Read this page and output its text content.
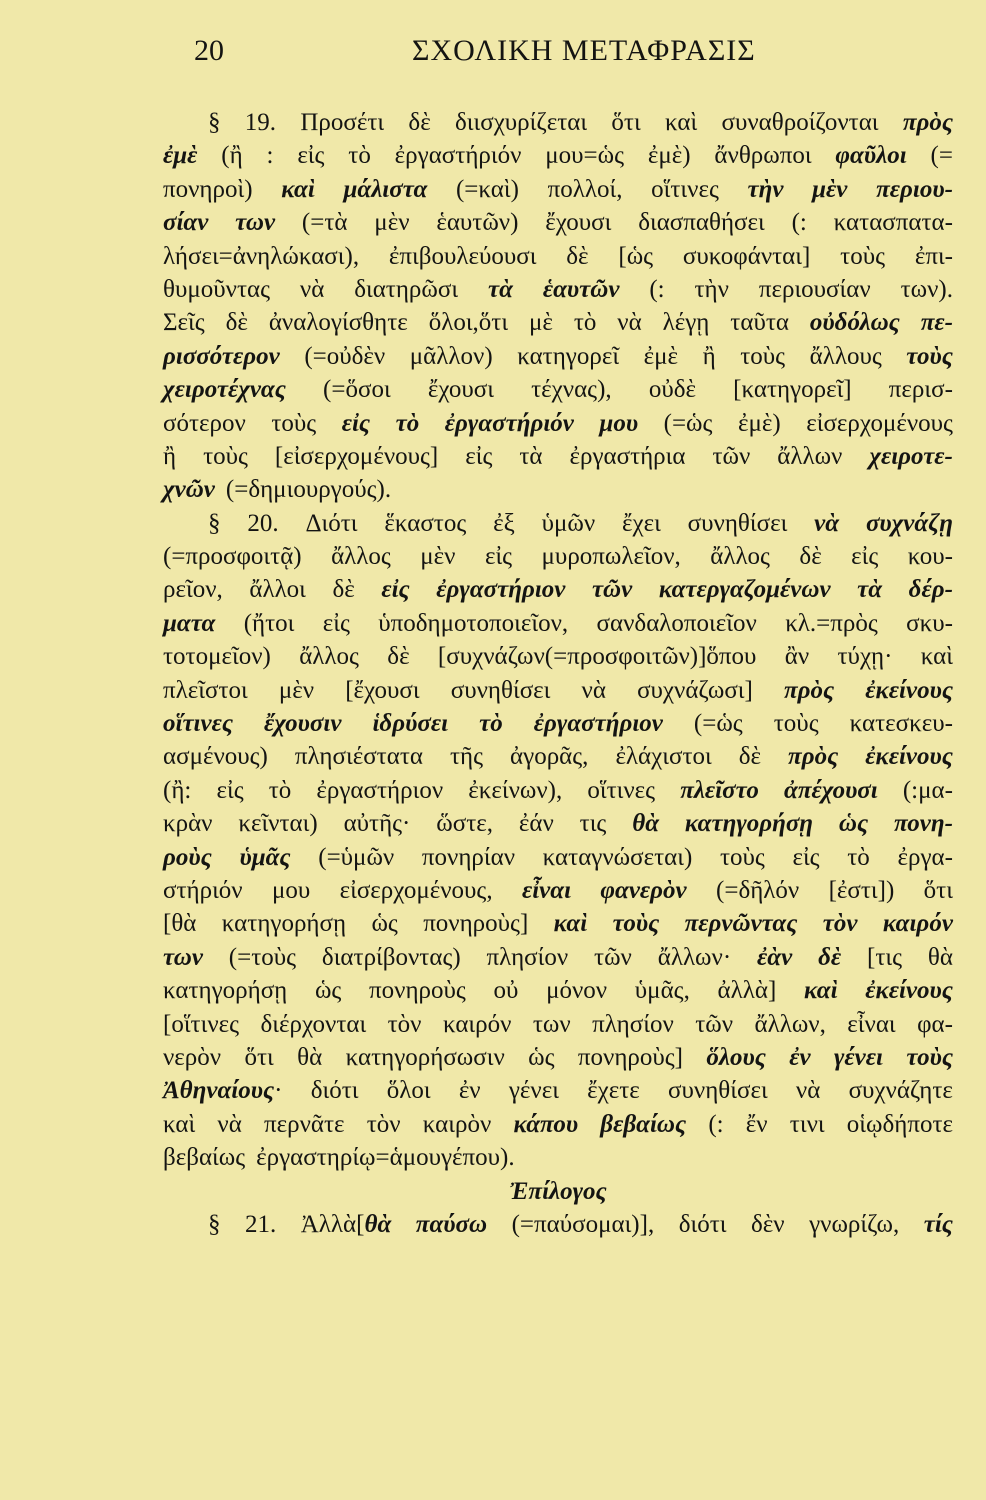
20	ΣΧΟΛΙΚΗ ΜΕΤΑΦΡΑΣΙΣ
§ 19. Προσέτι δὲ διισχυρίζεται ὅτι καὶ συναθροίζονται πρὸς
ἐμὲ (ἢ : εἰς τὸ ἐργαστήριόν μου=ὡς ἐμὲ) ἄνθρωποι φαῦλοι (=
πονηροὶ) καὶ μάλιστα (=καὶ) πολλοί, οἵτινες τὴν μὲν περιου-
σίαν των (=τὰ μὲν ἑαυτῶν) ἔχουσι διασπαθήσει (: κατασπατα-
λήσει=ἀνηλώκασι), ἐπιβουλεύουσι δὲ [ὡς συκοφάνται] τοὺς ἐπι-
θυμοῦντας νὰ διατηρῶσι τὰ ἑαυτῶν (: τὴν περιουσίαν των).
Σεῖς δὲ ἀναλογίσθητε ὅλοι,ὅτι μὲ τὸ νὰ λέγῃ ταῦτα οὐδόλως πε-
ρισσότερον (=οὐδὲν μᾶλλον) κατηγορεῖ ἐμὲ ἢ τοὺς ἄλλους τοὺς
χειροτέχνας (=ὅσοι ἔχουσι τέχνας), οὐδὲ [κατηγορεῖ] περισ-
σότερον τοὺς εἰς τὸ ἐργαστήριόν μου (=ὡς ἐμὲ) εἰσερχομένους
ἢ τοὺς [εἰσερχομένους] εἰς τὰ ἐργαστήρια τῶν ἄλλων χειροτε-
χνῶν (=δημιουργούς).
§ 20. Διότι ἕκαστος ἐξ ὑμῶν ἔχει συνηθίσει νὰ συχνάζῃ
(=προσφοιτᾷ) ἄλλος μὲν εἰς μυροπωλεῖον, ἄλλος δὲ εἰς κου-
ρεῖον, ἄλλοι δὲ εἰς ἐργαστήριον τῶν κατεργαζομένων τὰ δέρ-
ματα (ἤτοι εἰς ὑποδημοτοποιεῖον, σανδαλοποιεῖον κλ.=πρὸς σκυ-
τοτομεῖον) ἄλλος δὲ [συχνάζων(=προσφοιτῶν)]ὅπου ἂν τύχῃ· καὶ
πλεῖστοι μὲν [ἔχουσι συνηθίσει νὰ συχνάζωσι] πρὸς ἐκείνους
οἵτινες ἔχουσιν ἱδρύσει τὸ ἐργαστήριον (=ὡς τοὺς κατεσκευ-
ασμένους) πλησιέστατα τῆς ἀγορᾶς, ἐλάχιστοι δὲ πρὸς ἐκείνους
(ἢ: εἰς τὸ ἐργαστήριον ἐκείνων), οἵτινες πλεῖστο ἀπέχουσι (:μα-
κρὰν κεῖνται) αὐτῆς· ὥστε, ἐάν τις θὰ κατηγορήσῃ ὡς πονη-
ροὺς ὑμᾶς (=ὑμῶν πονηρίαν καταγνώσεται) τοὺς εἰς τὸ ἐργα-
στήριόν μου εἰσερχομένους, εἶναι φανερὸν (=δῆλόν [ἐστι]) ὅτι
[θὰ κατηγορήσῃ ὡς πονηροὺς] καὶ τοὺς περνῶντας τὸν καιρόν
των (=τοὺς διατρίβοντας) πλησίον τῶν ἄλλων· ἐὰν δὲ [τις θὰ
κατηγορήσῃ ὡς πονηροὺς οὐ μόνον ὑμᾶς, ἀλλὰ] καὶ ἐκείνους
[οἵτινες διέρχονται τὸν καιρόν των πλησίον τῶν ἄλλων, εἶναι φα-
νερὸν ὅτι θὰ κατηγορήσωσιν ὡς πονηροὺς] ὅλους ἐν γένει τοὺς
Ἀθηναίους· διότι ὅλοι ἐν γένει ἔχετε συνηθίσει νὰ συχνάζητε
καὶ νὰ περνᾶτε τὸν καιρὸν κάπου βεβαίως (: ἔν τινι οἱῳδήποτε
βεβαίως ἐργαστηρίῳ=ἁμουγέπου).
Ἐπίλογος
§ 21. Ἀλλὰ[θὰ παύσω (=παύσομαι)], διότι δὲν γνωρίζω, τίς
